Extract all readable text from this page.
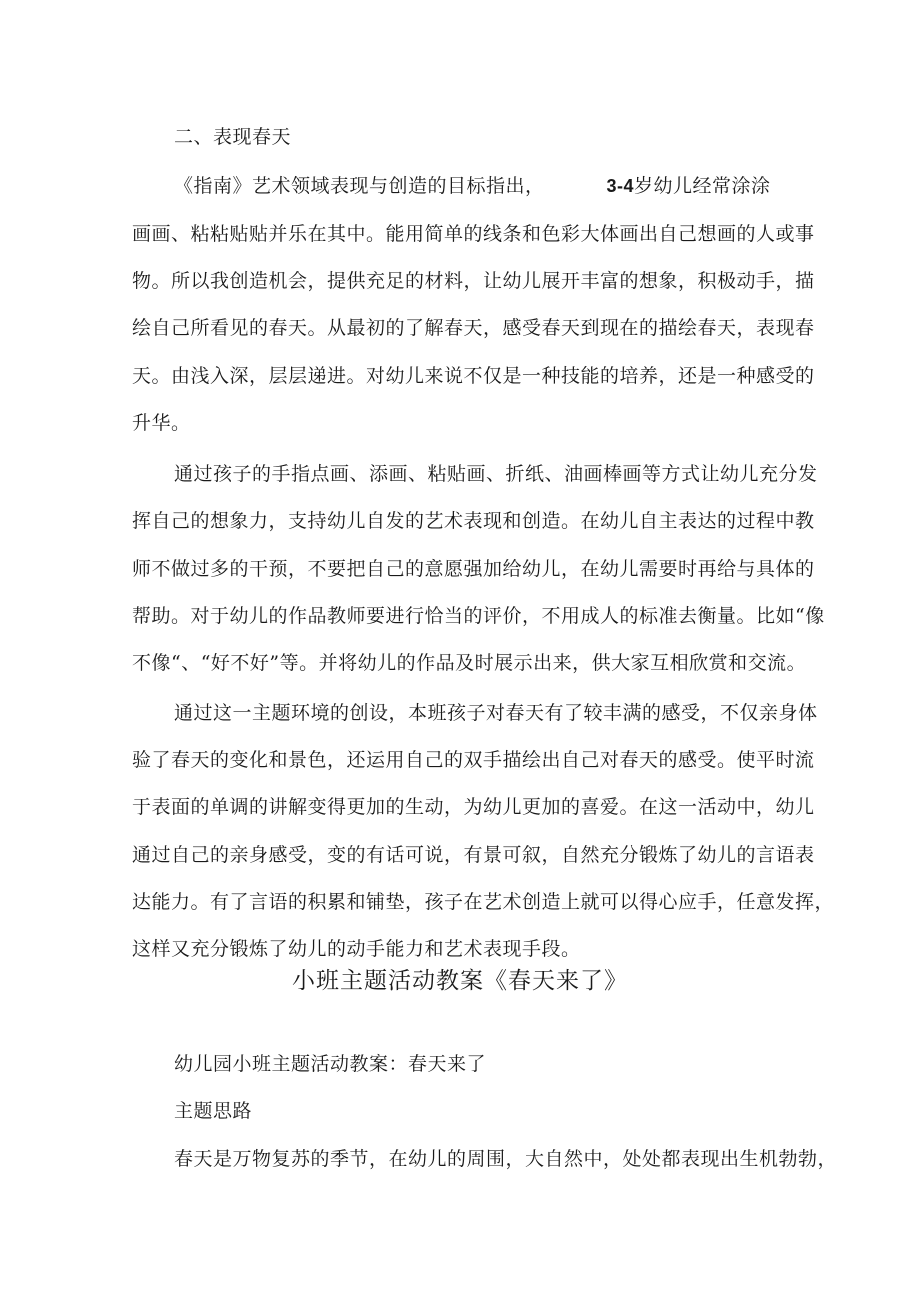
二、表现春天
《指南》艺术领域表现与创造的目标指出，	3-4岁幼儿经常涂涂
画画、粘粘贴贴并乐在其中。能用简单的线条和色彩大体画出自己想画的人或事
物。所以我创造机会，提供充足的材料，让幼儿展开丰富的想象，积极动手，描
绘自己所看见的春天。从最初的了解春天，感受春天到现在的描绘春天，表现春
天。由浅入深，层层递进。对幼儿来说不仅是一种技能的培养，还是一种感受的
升华。
通过孩子的手指点画、添画、粘贴画、折纸、油画棒画等方式让幼儿充分发
挥自己的想象力，支持幼儿自发的艺术表现和创造。在幼儿自主表达的过程中教
师不做过多的干预，不要把自己的意愿强加给幼儿，在幼儿需要时再给与具体的
帮助。对于幼儿的作品教师要进行恰当的评价，不用成人的标准去衡量。比如“像
不像“、“好不好”等。并将幼儿的作品及时展示出来，供大家互相欣赏和交流。
通过这一主题环境的创设，本班孩子对春天有了较丰满的感受，不仅亲身体
验了春天的变化和景色，还运用自己的双手描绘出自己对春天的感受。使平时流
于表面的单调的讲解变得更加的生动，为幼儿更加的喜爱。在这一活动中，幼儿
通过自己的亲身感受，变的有话可说，有景可叙，自然充分锻炼了幼儿的言语表
达能力。有了言语的积累和铺垫，孩子在艺术创造上就可以得心应手，任意发挥，
这样又充分锻炼了幼儿的动手能力和艺术表现手段。
小班主题活动教案《春天来了》
幼儿园小班主题活动教案：春天来了
主题思路
春天是万物复苏的季节，在幼儿的周围，大自然中，处处都表现出生机勃勃，
